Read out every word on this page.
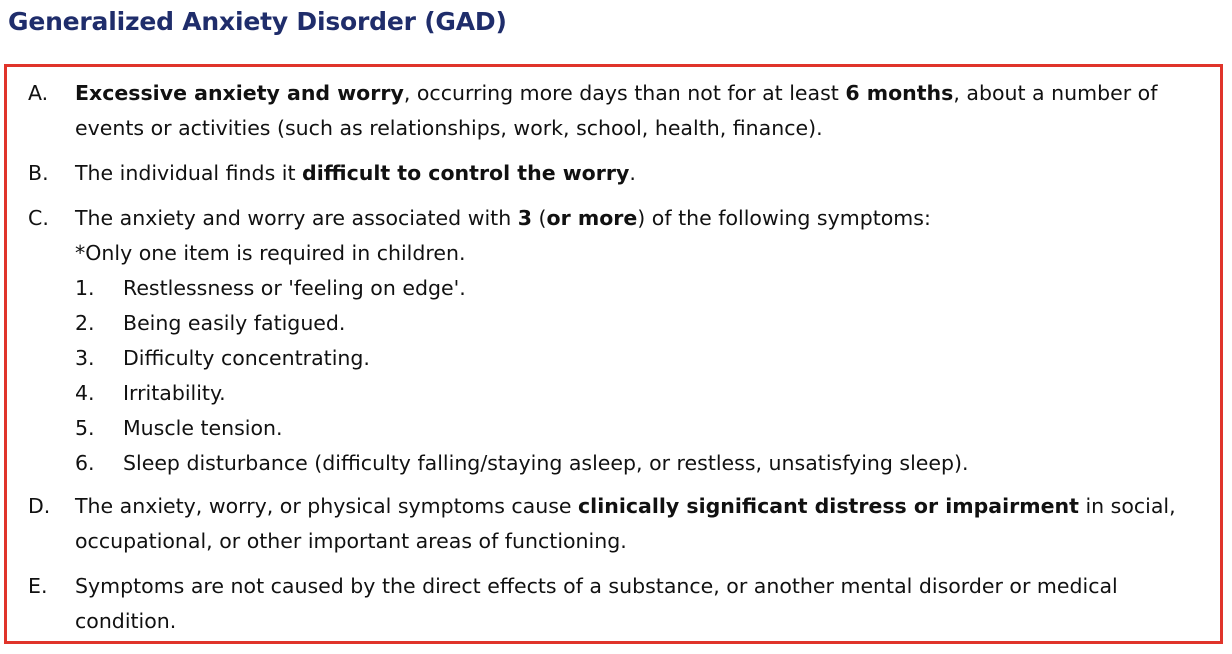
Generalized Anxiety Disorder (GAD)
A.	Excessive anxiety and worry, occurring more days than not for at least 6 months, about a number of
events or activities (such as relationships, work, school, health, finance).
B.	The individual finds it difficult to control the worry.
C.	The anxiety and worry are associated with 3 (or more) of the following symptoms:
*Only one item is required in children.
1. Restlessness or 'feeling on edge'.
2. Being easily fatigued.
3. Difficulty concentrating.
4. Irritability.
5. Muscle tension.
6. Sleep disturbance (difficulty falling/staying asleep, or restless, unsatisfying sleep).
D.	The anxiety, worry, or physical symptoms cause clinically significant distress or impairment in social,
occupational, or other important areas of functioning.
E.	Symptoms are not caused by the direct effects of a substance, or another mental disorder or medical
condition.
